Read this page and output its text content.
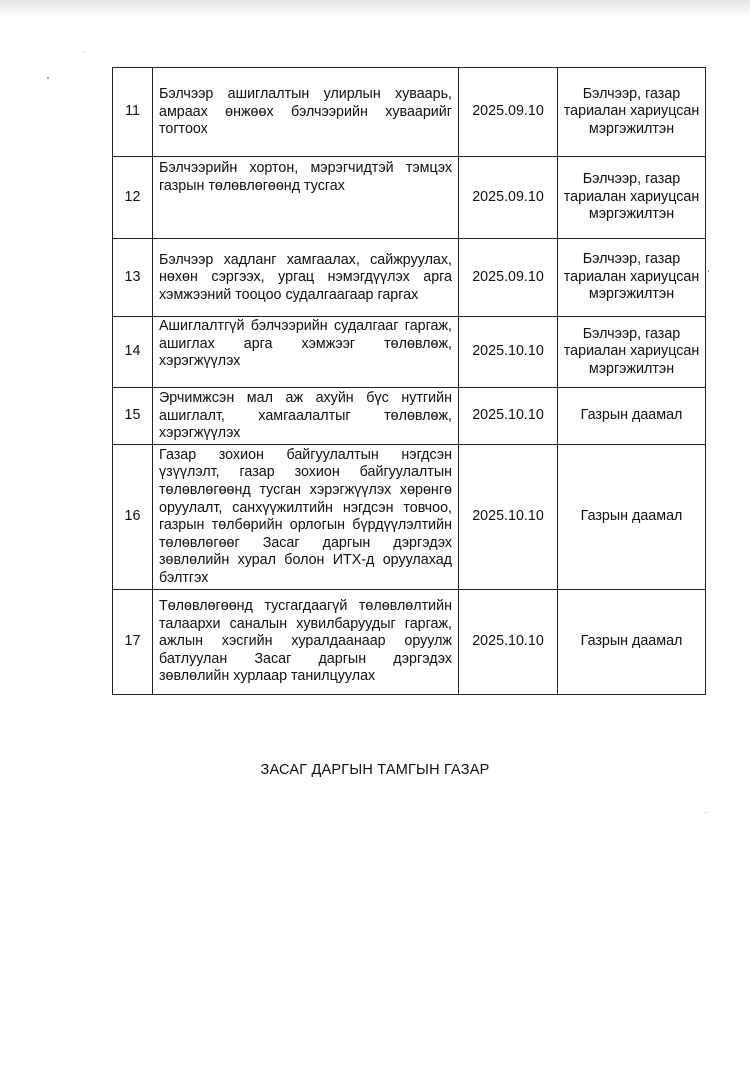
11	Бэлчээр ашиглалтын улирлын хуваарь, амраах өнжөөх бэлчээрийн хуваарийг тогтоох	2025.09.10	Бэлчээр, газар тариалан хариуцсан мэргэжилтэн
12	Бэлчээрийн хортон, мэрэгчидтэй тэмцэх газрын төлөвлөгөөнд тусгах	2025.09.10	Бэлчээр, газар тариалан хариуцсан мэргэжилтэн
13	Бэлчээр хадланг хамгаалах, сайжруулах, нөхөн сэргээх, ургац нэмэгдүүлэх арга хэмжээний тооцоо судалгаагаар гаргах	2025.09.10	Бэлчээр, газар тариалан хариуцсан мэргэжилтэн
14	Ашиглалтгүй бэлчээрийн судалгааг гаргаж, ашиглах арга хэмжээг төлөвлөж, хэрэгжүүлэх	2025.10.10	Бэлчээр, газар тариалан хариуцсан мэргэжилтэн
15	Эрчимжсэн мал аж ахуйн бүс нутгийн ашиглалт, хамгаалалтыг төлөвлөж, хэрэгжүүлэх	2025.10.10	Газрын даамал
16	Газар зохион байгуулалтын нэгдсэн үзүүлэлт, газар зохион байгуулалтын төлөвлөгөөнд тусган хэрэгжүүлэх хөрөнгө оруулалт, санхүүжилтийн нэгдсэн товчоо, газрын төлбөрийн орлогын бүрдүүлэлтийн төлөвлөгөөг Засаг даргын дэргэдэх зөвлөлийн хурал болон ИТХ-д оруулахад бэлтгэх	2025.10.10	Газрын даамал
17	Төлөвлөгөөнд тусгагдаагүй төлөвлөлтийн талаархи саналын хувилбаруудыг гаргаж, ажлын хэсгийн хуралдаанаар оруулж батлуулан Засаг даргын дэргэдэх зөвлөлийн хурлаар танилцуулах	2025.10.10	Газрын даамал
ЗАСАГ ДАРГЫН ТАМГЫН ГАЗАР
